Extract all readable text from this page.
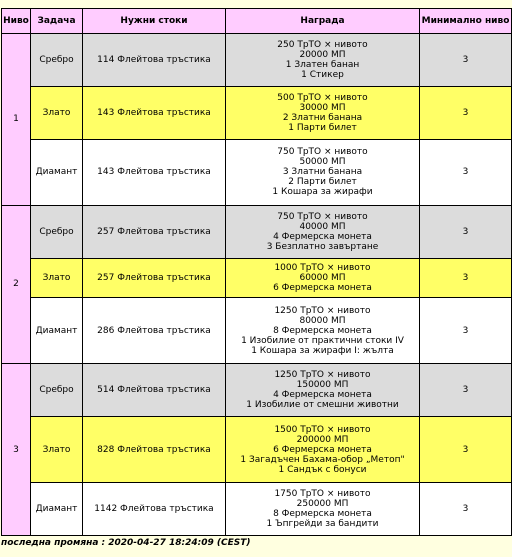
Ниво	Задача	Нужни стоки	Награда	Минимално ниво
1	Сребро	114 Флейтова тръстика	250 ТрТО × нивото
20000 МП
1 Златен банан
1 Стикер	3
	Злато	143 Флейтова тръстика	500 ТрТО × нивото
30000 МП
2 Златни банана
1 Парти билет	3
	Диамант	143 Флейтова тръстика	750 ТрТО × нивото
50000 МП
3 Златни банана
2 Парти билет
1 Кошара за жирафи	3
2	Сребро	257 Флейтова тръстика	750 ТрТО × нивото
40000 МП
4 Фермерска монета
3 Безплатно завъртане	3
	Злато	257 Флейтова тръстика	1000 ТрТО × нивото
60000 МП
6 Фермерска монета	3
	Диамант	286 Флейтова тръстика	1250 ТрТО × нивото
80000 МП
8 Фермерска монета
1 Изобилие от практични стоки IV
1 Кошара за жирафи I: жълта	3
3	Сребро	514 Флейтова тръстика	1250 ТрТО × нивото
150000 МП
4 Фермерска монета
1 Изобилие от смешни животни	3
	Злато	828 Флейтова тръстика	1500 ТрТО × нивото
200000 МП
6 Фермерска монета
1 Загадъчен Бахама-обор „Метоп"
1 Сандък с бонуси	3
	Диамант	1142 Флейтова тръстика	1750 ТрТО × нивото
250000 МП
8 Фермерска монета
1 Ъпгрейди за бандити	3
последна промяна : 2020-04-27 18:24:09 (CEST)
